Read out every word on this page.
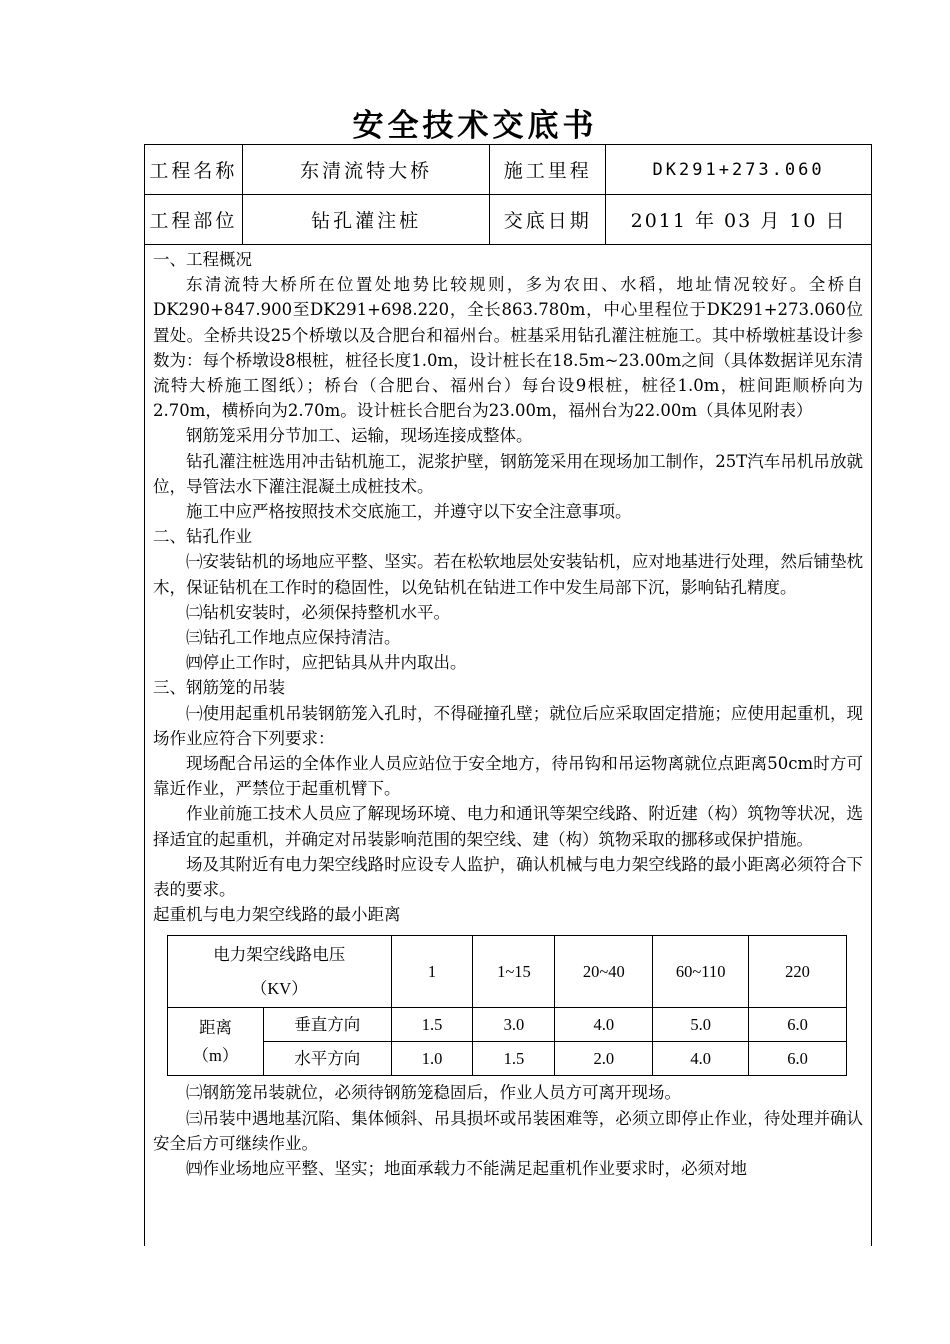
安全技术交底书
工程名称	东清流特大桥	施工里程	DK291+273.060
工程部位	钻孔灌注桩	交底日期	2011 年 03 月 10 日

一、工程概况

东清流特大桥所在位置处地势比较规则，多为农田、水稻，地址情况较好。全桥自DK290+847.900至DK291+698.220，全长863.780m，中心里程位于DK291+273.060位置处。全桥共设25个桥墩以及合肥台和福州台。桩基采用钻孔灌注桩施工。其中桥墩桩基设计参数为：每个桥墩设8根桩，桩径长度1.0m，设计桩长在18.5m~23.00m之间（具体数据详见东清流特大桥施工图纸）；桥台（合肥台、福州台）每台设9根桩，桩径1.0m，桩间距顺桥向为2.70m，横桥向为2.70m。设计桩长合肥台为23.00m，福州台为22.00m（具体见附表）

钢筋笼采用分节加工、运输，现场连接成整体。

钻孔灌注桩选用冲击钻机施工，泥浆护壁，钢筋笼采用在现场加工制作，25T汽车吊机吊放就位，导管法水下灌注混凝土成桩技术。

施工中应严格按照技术交底施工，并遵守以下安全注意事项。

二、钻孔作业

㈠安装钻机的场地应平整、坚实。若在松软地层处安装钻机，应对地基进行处理，然后铺垫枕木，保证钻机在工作时的稳固性，以免钻机在钻进工作中发生局部下沉，影响钻孔精度。

㈡钻机安装时，必须保持整机水平。

㈢钻孔工作地点应保持清洁。

㈣停止工作时，应把钻具从井内取出。

三、钢筋笼的吊装

㈠使用起重机吊装钢筋笼入孔时，不得碰撞孔壁；就位后应采取固定措施；应使用起重机，现场作业应符合下列要求：

现场配合吊运的全体作业人员应站位于安全地方，待吊钩和吊运物离就位点距离50cm时方可靠近作业，严禁位于起重机臂下。

作业前施工技术人员应了解现场环境、电力和通讯等架空线路、附近建（构）筑物等状况，选择适宜的起重机，并确定对吊装影响范围的架空线、建（构）筑物采取的挪移或保护措施。

场及其附近有电力架空线路时应设专人监护，确认机械与电力架空线路的最小距离必须符合下表的要求。

起重机与电力架空线路的最小距离

电力架空线路电压
（KV）		1	1~15	20~40	60~110	220

距离
（m）	垂直方向	1.5	3.0	4.0	5.0	6.0
	水平方向	1.0	1.5	2.0	4.0	6.0

㈡钢筋笼吊装就位，必须待钢筋笼稳固后，作业人员方可离开现场。

㈢吊装中遇地基沉陷、集体倾斜、吊具损坏或吊装困难等，必须立即停止作业，待处理并确认安全后方可继续作业。

㈣作业场地应平整、坚实；地面承载力不能满足起重机作业要求时，必须对地
